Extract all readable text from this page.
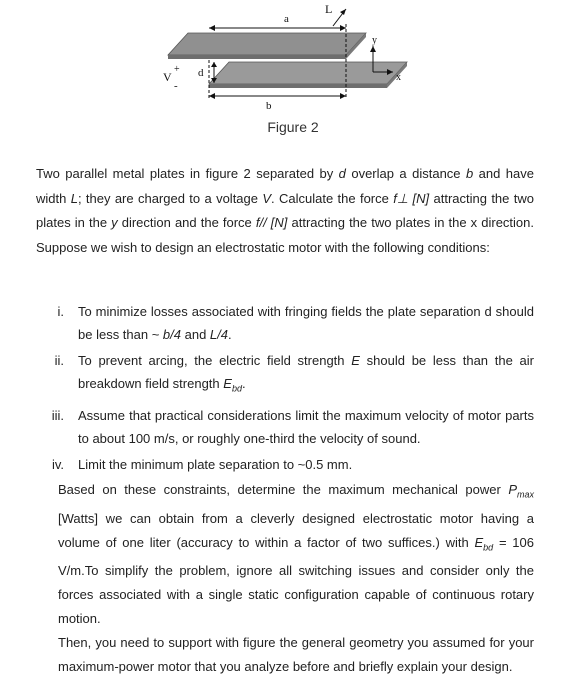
a
L
d
V
+
-
y
x
b
Figure 2

Two parallel metal plates in figure 2 separated by d overlap a distance b and have width L; they are charged to a voltage V. Calculate the force f⊥ [N] attracting the two plates in the y direction and the force f// [N] attracting the two plates in the x direction. Suppose we wish to design an electrostatic motor with the following conditions:

i. To minimize losses associated with fringing fields the plate separation d should be less than ~ b/4 and L/4.
ii. To prevent arcing, the electric field strength E should be less than the air breakdown field strength $E_{bd}$.
iii. Assume that practical considerations limit the maximum velocity of motor parts to about 100 m/s, or roughly one-third the velocity of sound.
iv. Limit the minimum plate separation to ~0.5 mm.

Based on these constraints, determine the maximum mechanical power $P_{max}$ [Watts] we can obtain from a cleverly designed electrostatic motor having a volume of one liter (accuracy to within a factor of two suffices.) with $E_{bd} = 106$ V/m.To simplify the problem, ignore all switching issues and consider only the forces associated with a single static configuration capable of continuous rotary motion.
Then, you need to support with figure the general geometry you assumed for your maximum-power motor that you analyze before and briefly explain your design.
